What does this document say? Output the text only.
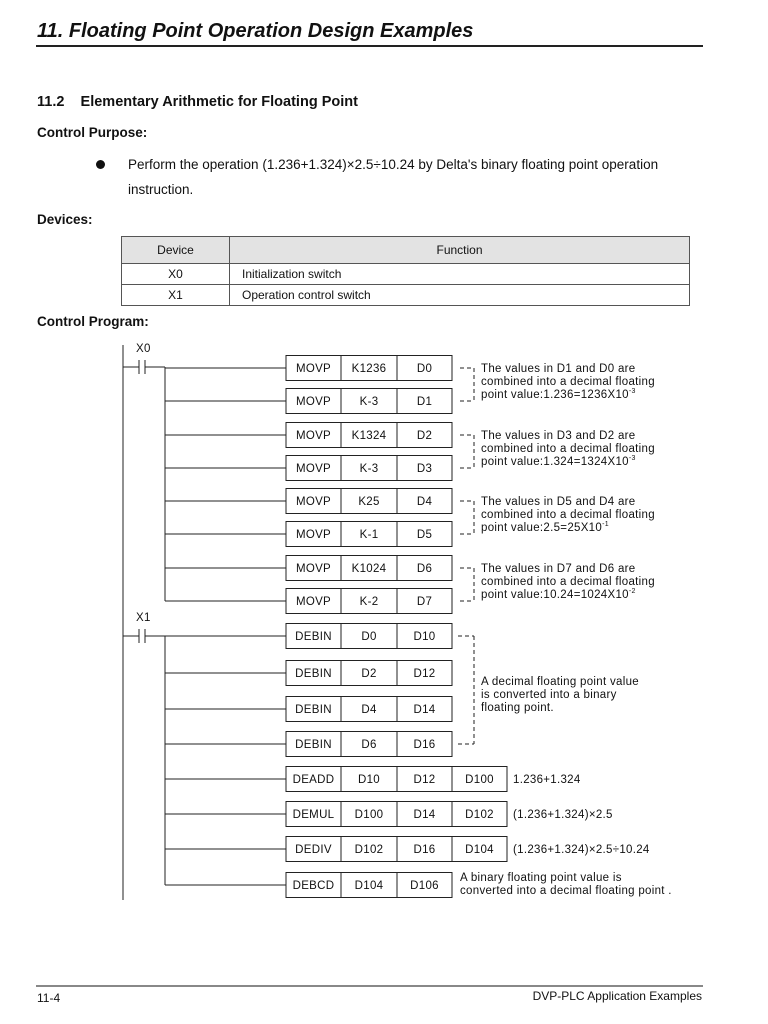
11. Floating Point Operation Design Examples
11.2    Elementary Arithmetic for Floating Point
Control Purpose:
Perform the operation (1.236+1.324)×2.5÷10.24 by Delta's binary floating point operation
instruction.
Devices:
Device	Function
X0	Initialization switch
X1	Operation control switch
Control Program:
X0
X1
MOVP K1236	D0
MOVP K-3	D1
MOVP K1324	D2
MOVP K-3	D3
MOVP K25	D4
MOVP K-1	D5
MOVP K1024	D6
MOVP K-2	D7
DEBIN	D0	D10
DEBIN	D2	D12
DEBIN	D4	D14
DEBIN	D6	D16
DEADD D10	D12	D100
DEMUL D100	D14	D102
DEDIV D102	D16	D104
DEBCD D104 D106
The values in D1 and D0 are
combined into a decimal floating
point $value:1.236=1236X10^{-3}$
The values in D3 and D2 are
combined into a decimal floating
point $value:1.324=1324X10^{-3}$
The values in D5 and D4 are
combined into a decimal floating
point $value:2.5=25X10^{-1}$
The values in D7 and D6 are
combined into a decimal floating
point $value:10.24=1024X10^{-2}$
A decimal floating point value
is converted into a binary
floating point.
1.236+1.324
(1.236+1.324)×2.5
(1.236+1.324)×2.5÷10.24
A binary floating point value is
converted into a decimal floating point .
11-4	DVP-PLC Application Examples
